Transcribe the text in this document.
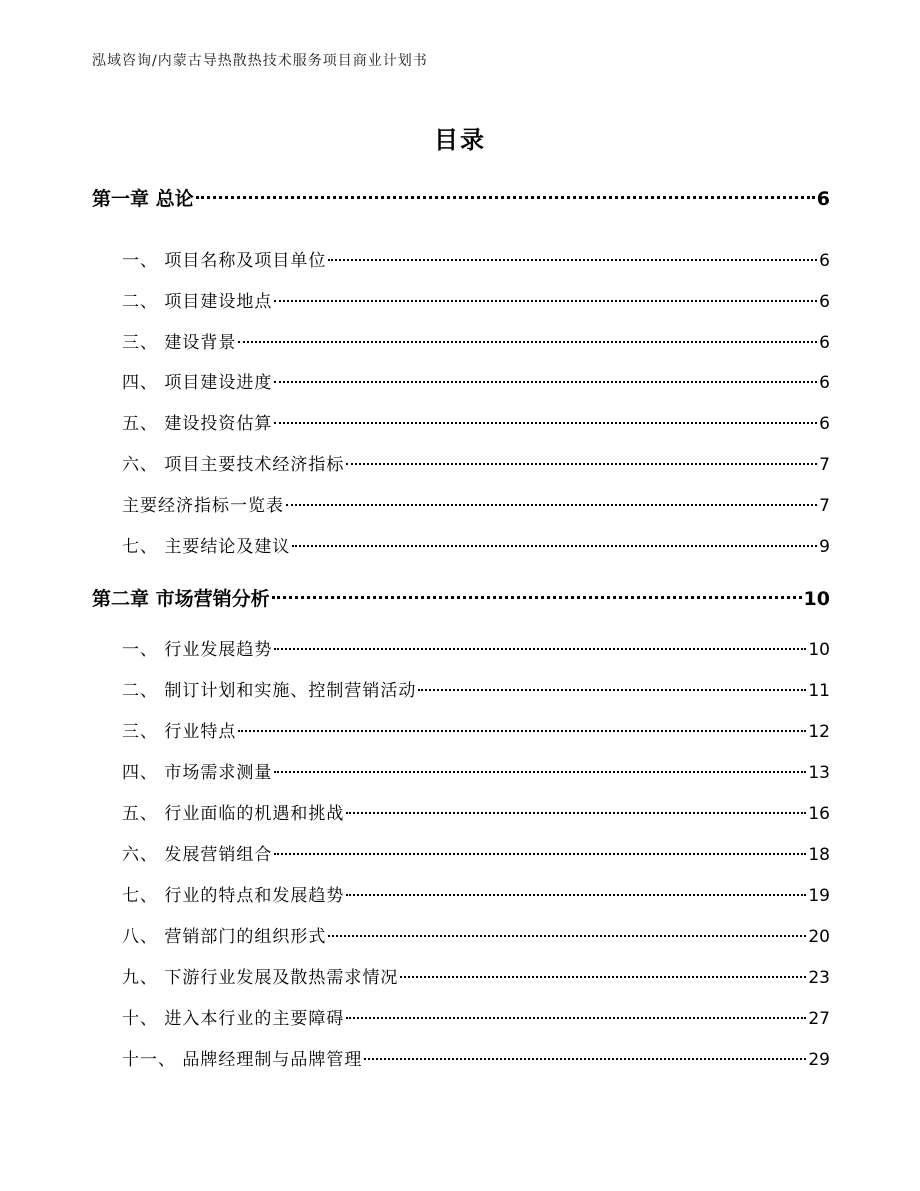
泓域咨询/内蒙古导热散热技术服务项目商业计划书
目录
第一章 总论	6
一、 项目名称及项目单位	6
二、 项目建设地点	6
三、 建设背景	6
四、 项目建设进度	6
五、 建设投资估算	6
六、 项目主要技术经济指标	7
主要经济指标一览表	7
七、 主要结论及建议	9
第二章 市场营销分析	10
一、 行业发展趋势	10
二、 制订计划和实施、控制营销活动	11
三、 行业特点	12
四、 市场需求测量	13
五、 行业面临的机遇和挑战	16
六、 发展营销组合	18
七、 行业的特点和发展趋势	19
八、 营销部门的组织形式	20
九、 下游行业发展及散热需求情况	23
十、 进入本行业的主要障碍	27
十一、 品牌经理制与品牌管理	29
